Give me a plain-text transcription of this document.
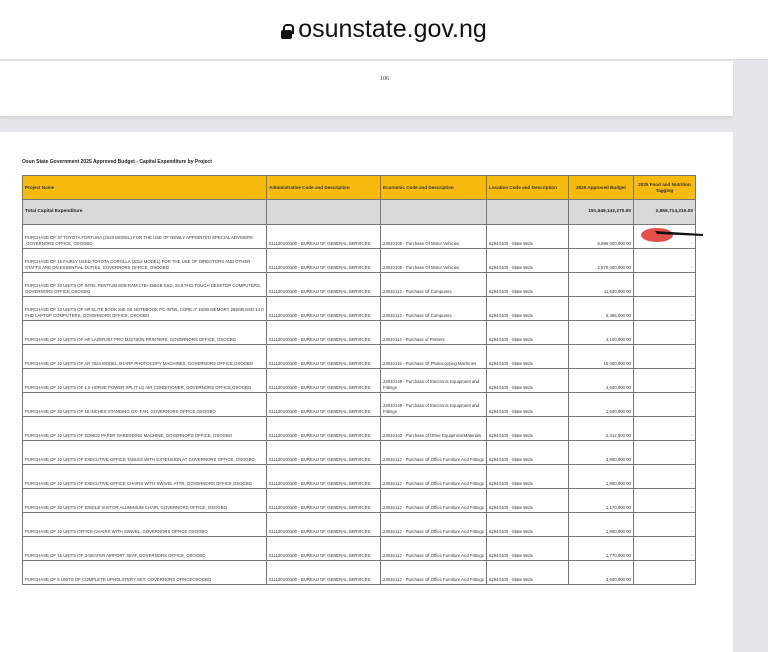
osunstate.gov.ng
106
Osun State Government 2025 Approved Budget - Capital Expenditure by Project
Project Name	Administrative Code and Description	Economic Code and Description	Location Code and Description	2025 Approved Budget	2025 Food and Nutrition Tagging
Total Capital Expenditure				191,549,142,270.00	2,856,714,210.00
PURCHASE OF 37 TOYOTA FORTUNA (2023 MODEL) FOR THE USE OF NEWLY APPOINTED SPECIAL ADVISERS ,GOVERNORS OFFICE, OSOGBO	011100100100 - BUREAU OF GENERAL SERVICES	23010105 - Purchase Of Motor Vehicles	62943100 - State Wide	6,996,000,000.00	-
PURCHASE OF 15 FAIRLY USED TOYOTA COROLLA (2012 MODEL) FOR THE USE OF DIRECTORS AND OTHER STAFFS ARE ON ESSENTIAL DUTIES, GOVERNORS OFFICE, OSOGBO	011100100100 - BUREAU OF GENERAL SERVICES	23010105 - Purchase Of Motor Vehicles	62943100 - State Wide	2,870,000,000.00	-
PURCHASE OF 20 UNITS OF INTEL PENTIUM 8GB RAM 1TB+256GB SSD, 23.8 FHD TOUCH DESKTOP COMPUTERS, GOVERNORS OFFICE,OSOGBO	011100100100 - BUREAU OF GENERAL SERVICES	23010113 - Purchase Of Computers	62943100 - State Wide	11,630,000.00	-
PURCHASE OF 10 UNITS OF HP ELITE BOOK 840 G6 NOTEBOOK PC-INTEL CORE I7 16GB MEMORY 256GB SSD 14.0 FHD LAPTOP COMPUTERS, GOVERNORS OFFICE, OSOGBO	011100100100 - BUREAU OF GENERAL SERVICES	23010113 - Purchase Of Computers	62943100 - State Wide	6,495,000.00	-
PURCHASE OF 10 UNITS OF HP LAZERJET PRO M227SDN PRINTERS, GOVERNORS OFFICE, OSOGBO	011100100100 - BUREAU OF GENERAL SERVICES	23010114 - Purchase of Printers	62943100 - State Wide	4,100,000.00	-
PURCHASE OF 10 UNITS OF AR 7024 MODEL SHARP PHOTOCOPY MACHINES, GOVERNORS OFFICE,OSOGBO	011100100100 - BUREAU OF GENERAL SERVICES	23010115 - Purchase Of Photocopying Machines	62943100 - State Wide	15,000,000.00	-
PURCHASE OF 10 UNITS OF 1.5 HORSE POWER SPLIT LG AIR CONDITIONER, GOVERNORS OFFICE,OSOGBO	011100100100 - BUREAU OF GENERAL SERVICES	23010149 - Purchase of Electronic Equipment and Fittings	62943100 - State Wide	4,600,000.00	-
PURCHASE OF 20 UNITS OF 18 INCHES STANDING OX- FAN, GOVERNORS OFFICE,OSOGBO	011100100100 - BUREAU OF GENERAL SERVICES	23010149 - Purchase of Electronic Equipment and Fittings	62943100 - State Wide	1,500,000.00	-
PURCHASE OF 10 UNITS OF SD9522 PAPER SHREDDING MACHINE, GOVERNORS OFFICE, OSOGBO	011100100100 - BUREAU OF GENERAL SERVICES	23010143 - Purchase of Other Equipment/Materials	62943100 - State Wide	2,312,500.00	-
PURCHASE OF 10 UNITS OF EXECUTIVE OFFICE TABLES WITH EXTENSION AT GOVERNORS OFFICE, OSOGBO	011100100100 - BUREAU OF GENERAL SERVICES	23010112 - Purchase Of Office Furniture And Fittings	62943100 - State Wide	3,800,000.00	-
PURCHASE OF 10 UNITS OF EXECUTIVE OFFICE CHAIRS WITH SWIVEL ATTR, GOVERNORS OFFICE,OSOGBO	011100100100 - BUREAU OF GENERAL SERVICES	23010112 - Purchase Of Office Furniture And Fittings	62943100 - State Wide	1,800,000.00	-
PURCHASE OF 20 UNITS OF SINGLE VISITOR ALUMINIUM CHAIR, GOVERNORS OFFICE, OSOGBO	011100100100 - BUREAU OF GENERAL SERVICES	23010112 - Purchase Of Office Furniture And Fittings	62943100 - State Wide	1,170,000.00	-
PURCHASE OF 10 UNITS OFFICE CHAIRS WITH SWIVEL, GOVERNORS OFFICE OSOGBO	011100100100 - BUREAU OF GENERAL SERVICES	23010112 - Purchase Of Office Furniture And Fittings	62943100 - State Wide	1,800,000.00	-
PURCHASE OF 15 UNITS OF 3-SEATER AIRPORT SEAT, GOVERNORS OFFICE, OSOGBO	011100100100 - BUREAU OF GENERAL SERVICES	23010112 - Purchase Of Office Furniture And Fittings	62943100 - State Wide	1,770,000.00	-
PURCHASE OF 5 UNITS OF COMPLETE UPHOLSTERY SET, GOVERNORS OFFICEOSOGBO	011100100100 - BUREAU OF GENERAL SERVICES	23010112 - Purchase Of Office Furniture And Fittings	62943100 - State Wide	3,500,000.00	-
